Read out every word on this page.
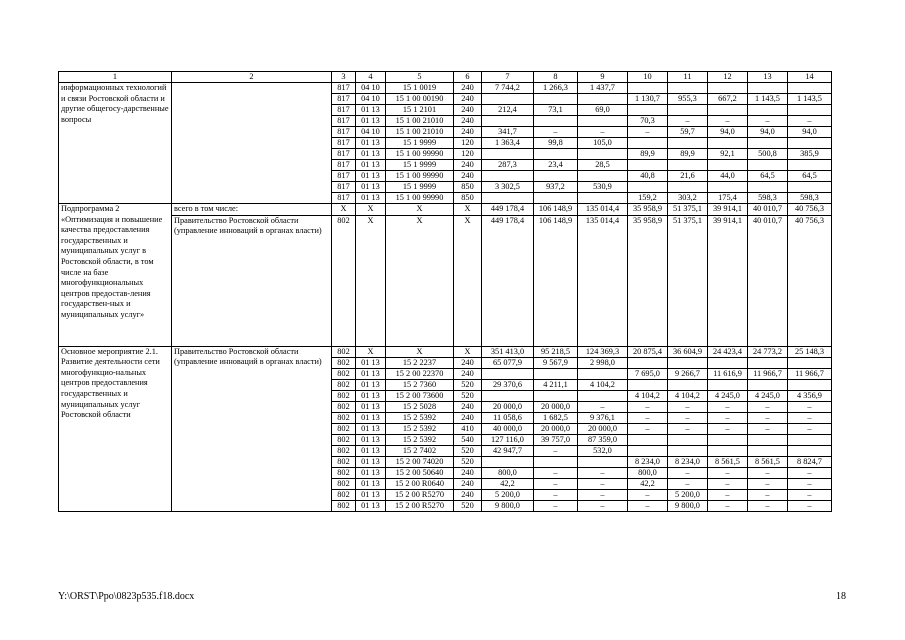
1	2	3	4	5	6	7	8	9	10	11	12	13	14
информационных технологий и связи Ростовской области и другие общегосу-дарственные вопросы		817	04 10	15 1 0019	240	7 744,2	1 266,3	1 437,7					
		817	04 10	15 1 00 00190	240				1 130,7	955,3	667,2	1 143,5	1 143,5
		817	01 13	15 1 2101	240	212,4	73,1	69,0					
		817	01 13	15 1 00 21010	240				70,3	–	–	–	–
		817	04 10	15 1 00 21010	240	341,7	–	–	–	59,7	94,0	94,0	94,0
		817	01 13	15 1 9999	120	1 363,4	99,8	105,0					
		817	01 13	15 1 00 99990	120				89,9	89,9	92,1	500,8	385,9
		817	01 13	15 1 9999	240	287,3	23,4	28,5					
		817	01 13	15 1 00 99990	240				40,8	21,6	44,0	64,5	64,5
		817	01 13	15 1 9999	850	3 302,5	937,2	530,9					
		817	01 13	15 1 00 99990	850				159,2	303,2	175,4	598,3	598,3
Подпрограмма 2 «Оптимизация и повышение качества предоставления государственных и муниципальных услуг в Ростовской области, в том числе на базе многофункциональных центров предостав-ления государствен-ных и муниципальных услуг»	всего в том числе:	Х	Х	Х	Х	449 178,4	106 148,9	135 014,4	35 958,9	51 375,1	39 914,1	40 010,7	40 756,3
	Правительство Ростовской области (управление инноваций в органах власти)	802	Х	Х	Х	449 178,4	106 148,9	135 014,4	35 958,9	51 375,1	39 914,1	40 010,7	40 756,3
Основное мероприятие 2.1. Развитие деятельности сети многофункцио-нальных центров предоставления государственных и муниципальных услуг Ростовской области	Правительство Ростовской области (управление инноваций в органах власти)	802	Х	Х	Х	351 413,0	95 218,5	124 369,3	20 875,4	36 604,9	24 423,4	24 773,2	25 148,3
		802	01 13	15 2 2237	240	65 077,9	9 567,9	2 998,0					
		802	01 13	15 2 00 22370	240				7 695,0	9 266,7	11 616,9	11 966,7	11 966,7
		802	01 13	15 2 7360	520	29 370,6	4 211,1	4 104,2					
		802	01 13	15 2 00 73600	520				4 104,2	4 104,2	4 245,0	4 245,0	4 356,9
		802	01 13	15 2 5028	240	20 000,0	20 000,0	–	–	–	–	–	–
		802	01 13	15 2 5392	240	11 058,6	1 682,5	9 376,1	–	–	–	–	–
		802	01 13	15 2 5392	410	40 000,0	20 000,0	20 000,0	–	–	–	–	–
		802	01 13	15 2 5392	540	127 116,0	39 757,0	87 359,0					
		802	01 13	15 2 7402	520	42 947,7	–	532,0					
		802	01 13	15 2 00 74020	520				8 234,0	8 234,0	8 561,5	8 561,5	8 824,7
		802	01 13	15 2 00 50640	240	800,0	–	–	800,0	–	–	–	–
		802	01 13	15 2 00 R0640	240	42,2	–	–	42,2	–	–	–	–
		802	01 13	15 2 00 R5270	240	5 200,0	–	–	–	5 200,0	–	–	–
		802	01 13	15 2 00 R5270	520	9 800,0	–	–	–	9 800,0	–	–	–
Y:\ORST\Ppo\0823p535.f18.docx	18
